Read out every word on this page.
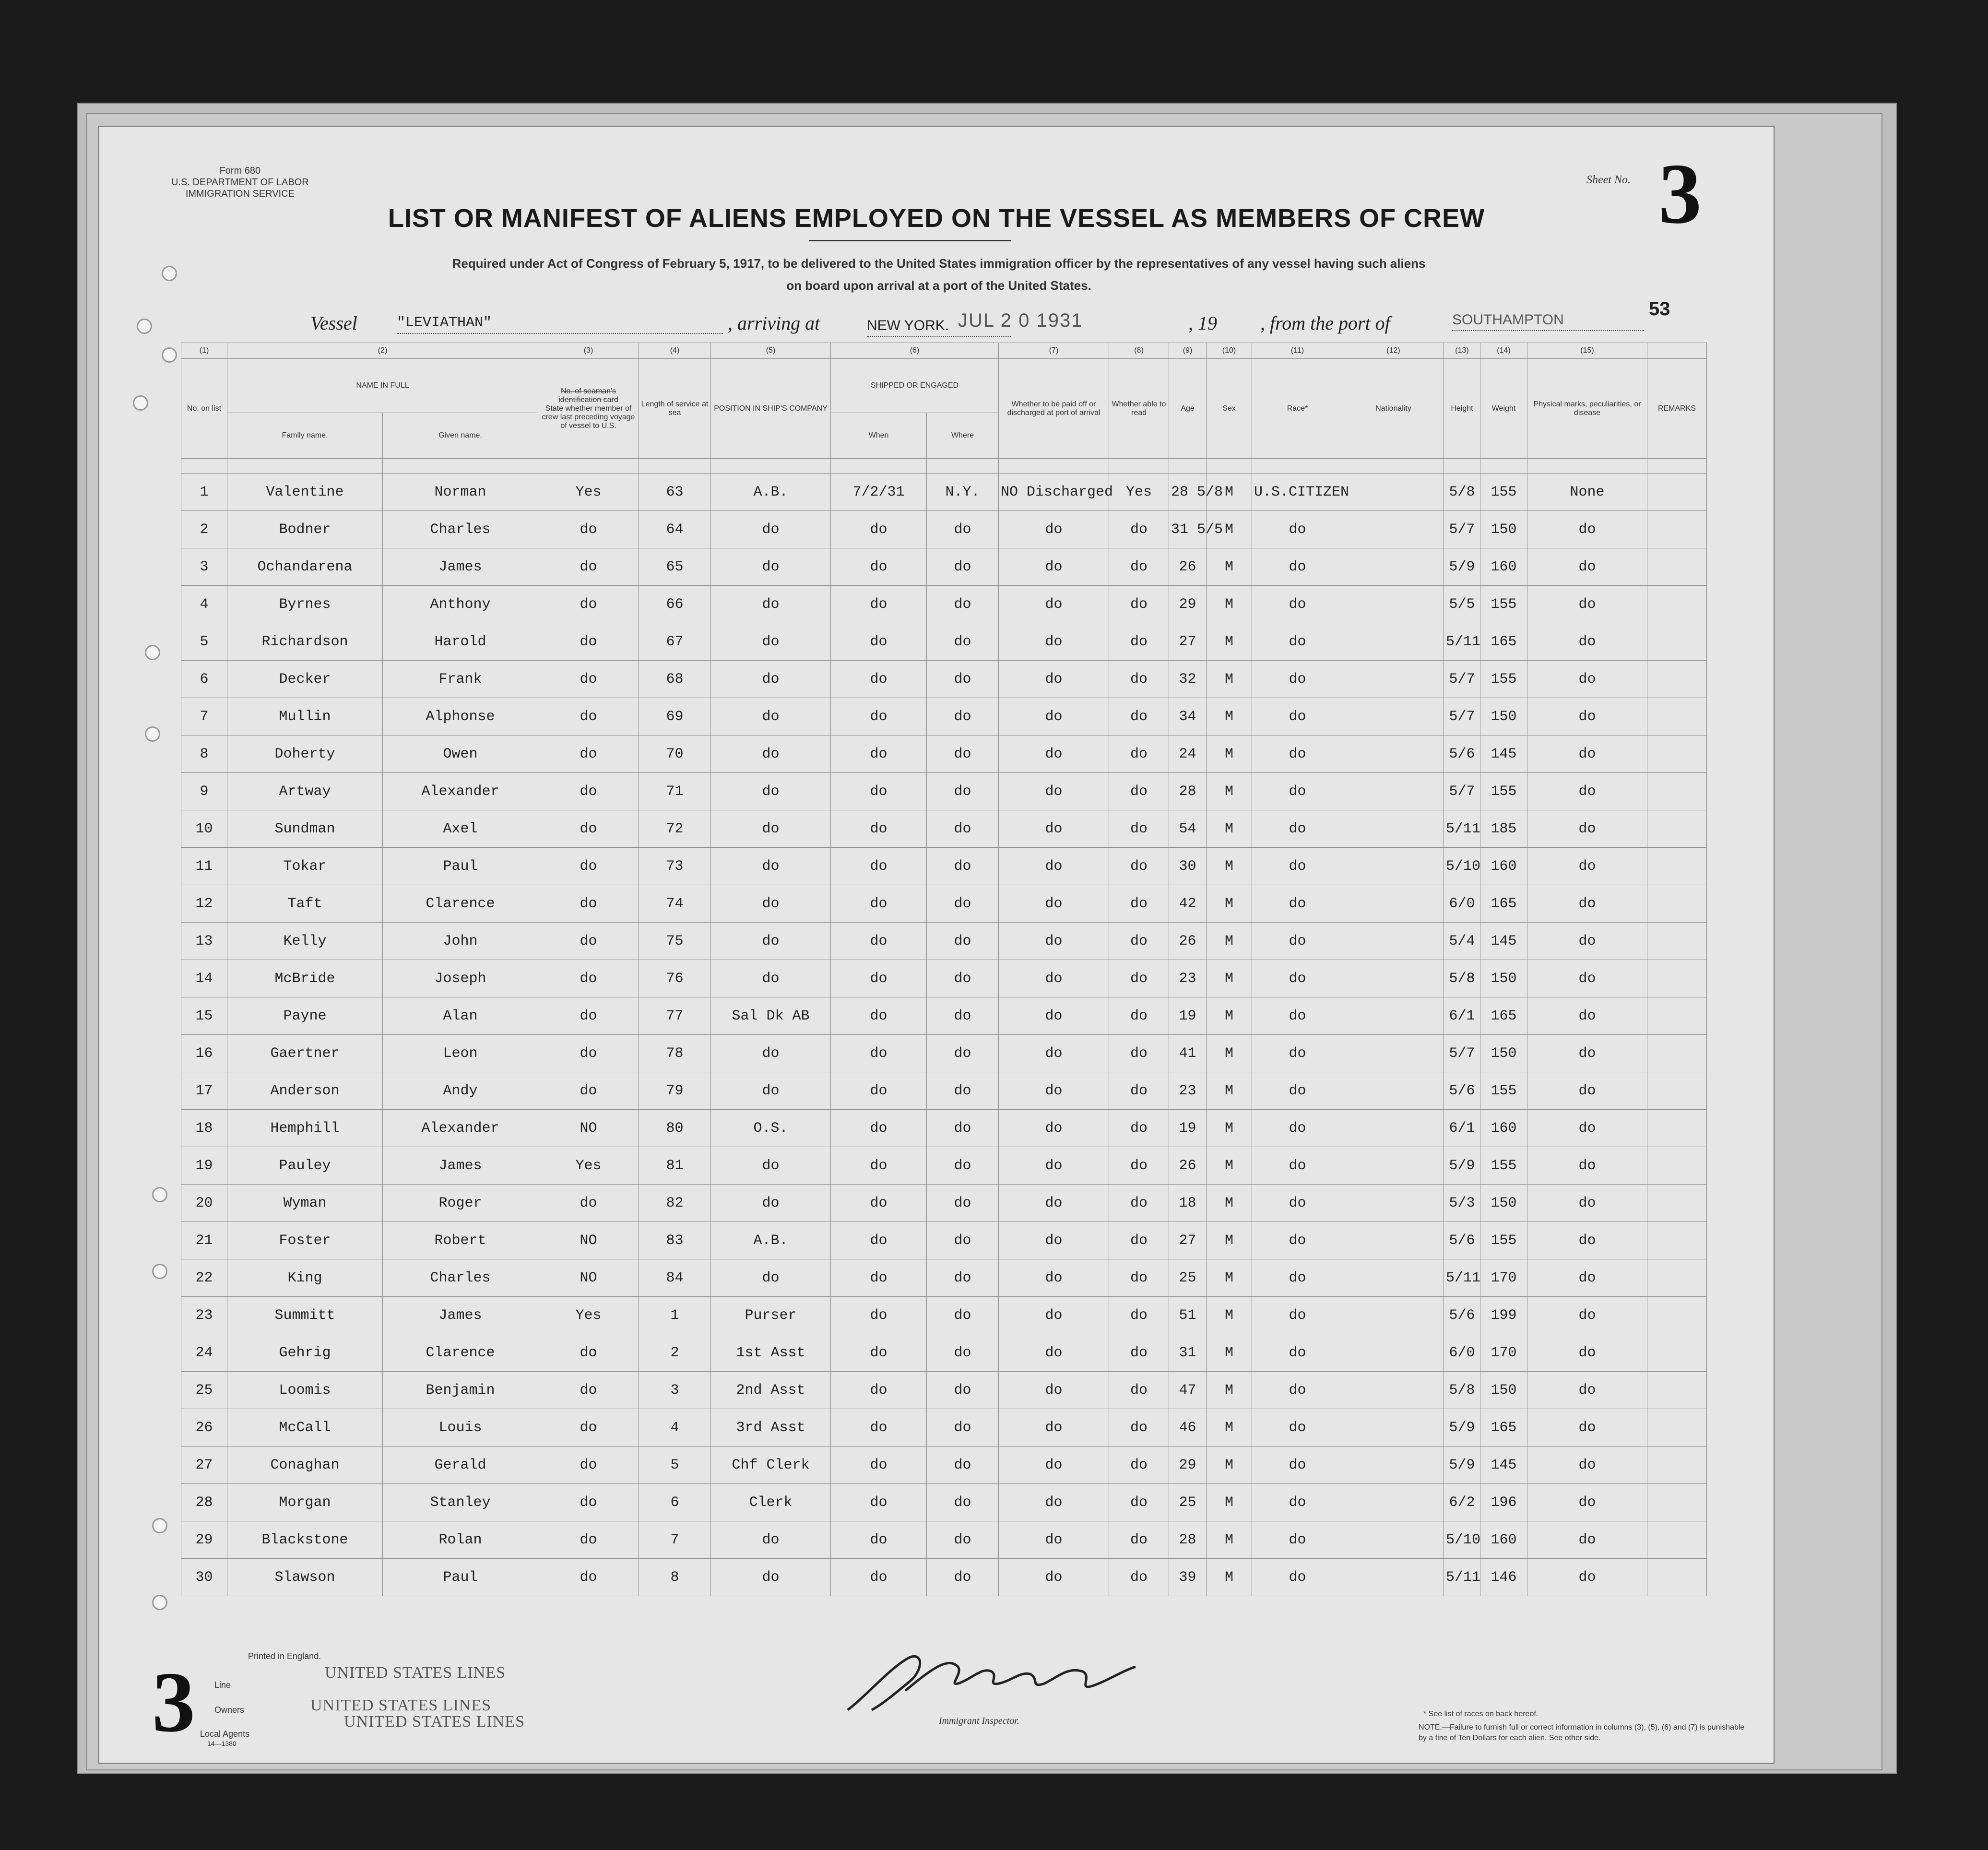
Form 680
U.S. DEPARTMENT OF LABOR
IMMIGRATION SERVICE
LIST OR MANIFEST OF ALIENS EMPLOYED ON THE VESSEL AS MEMBERS OF CREW
Required under Act of Congress of February 5, 1917, to be delivered to the United States immigration officer by the representatives of any vessel having such aliens
on board upon arrival at a port of the United States.
Sheet No. 3
Vessel	"LEVIATHAN"	, arriving at	NEW YORK. JUL 2 0 1931	, 19 , from the port of	SOUTHAMPTON
53
(1)	(2)		(3)	(4)	(5)	(6)		(7)	(8)	(9)	(10)	(11)	(12)	(13)	(14)	(15)	
No. on list	NAME IN FULL		No. of seaman's identification card
State whether member of crew last preceding voyage of vessel to U.S.	Length of service at sea	POSITION IN SHIP'S COMPANY	SHIPPED OR ENGAGED		Whether to be paid off or discharged at port of arrival	Whether able to read	Age	Sex	Race*	Nationality	Height	Weight	Physical marks, peculiarities, or disease	REMARKS
	Family name.	Given name.				When	Where										

1	Valentine	Norman	Yes	63	A.B.	7/2/31	N.Y.	NO Discharged	Yes	28 5/8	M	U.S.CITIZEN		5/8	155	None	
2	Bodner	Charles	do	64	do	do	do	do	do	31 5/5	M	do		5/7	150	do	
3	Ochandarena	James	do	65	do	do	do	do	do	26	M	do		5/9	160	do	
4	Byrnes	Anthony	do	66	do	do	do	do	do	29	M	do		5/5	155	do	
5	Richardson	Harold	do	67	do	do	do	do	do	27	M	do		5/11	165	do	
6	Decker	Frank	do	68	do	do	do	do	do	32	M	do		5/7	155	do	
7	Mullin	Alphonse	do	69	do	do	do	do	do	34	M	do		5/7	150	do	
8	Doherty	Owen	do	70	do	do	do	do	do	24	M	do		5/6	145	do	
9	Artway	Alexander	do	71	do	do	do	do	do	28	M	do		5/7	155	do	
10	Sundman	Axel	do	72	do	do	do	do	do	54	M	do		5/11	185	do	
11	Tokar	Paul	do	73	do	do	do	do	do	30	M	do		5/10	160	do	
12	Taft	Clarence	do	74	do	do	do	do	do	42	M	do		6/0	165	do	
13	Kelly	John	do	75	do	do	do	do	do	26	M	do		5/4	145	do	
14	McBride	Joseph	do	76	do	do	do	do	do	23	M	do		5/8	150	do	
15	Payne	Alan	do	77	Sal Dk AB	do	do	do	do	19	M	do		6/1	165	do	
16	Gaertner	Leon	do	78	do	do	do	do	do	41	M	do		5/7	150	do	
17	Anderson	Andy	do	79	do	do	do	do	do	23	M	do		5/6	155	do	
18	Hemphill	Alexander	NO	80	O.S.	do	do	do	do	19	M	do		6/1	160	do	
19	Pauley	James	Yes	81	do	do	do	do	do	26	M	do		5/9	155	do	
20	Wyman	Roger	do	82	do	do	do	do	do	18	M	do		5/3	150	do	
21	Foster	Robert	NO	83	A.B.	do	do	do	do	27	M	do		5/6	155	do	
22	King	Charles	NO	84	do	do	do	do	do	25	M	do		5/11	170	do	
23	Summitt	James	Yes	1	Purser	do	do	do	do	51	M	do		5/6	199	do	
24	Gehrig	Clarence	do	2	1st Asst	do	do	do	do	31	M	do		6/0	170	do	
25	Loomis	Benjamin	do	3	2nd Asst	do	do	do	do	47	M	do		5/8	150	do	
26	McCall	Louis	do	4	3rd Asst	do	do	do	do	46	M	do		5/9	165	do	
27	Conaghan	Gerald	do	5	Chf Clerk	do	do	do	do	29	M	do		5/9	145	do	
28	Morgan	Stanley	do	6	Clerk	do	do	do	do	25	M	do		6/2	196	do	
29	Blackstone	Rolan	do	7	do	do	do	do	do	28	M	do		5/10	160	do	
30	Slawson	Paul	do	8	do	do	do	do	do	39	M	do		5/11	146	do	
3	Printed in England.
Line
Owners
Local Agents
14—1380
UNITED STATES LINES
UNITED STATES LINES
UNITED STATES LINES	Immigrant Inspector.
* See list of races on back hereof.
NOTE.—Failure to furnish full or correct information in columns (3), (5), (6) and (7) is punishable by a fine of Ten Dollars for each alien. See other side.
